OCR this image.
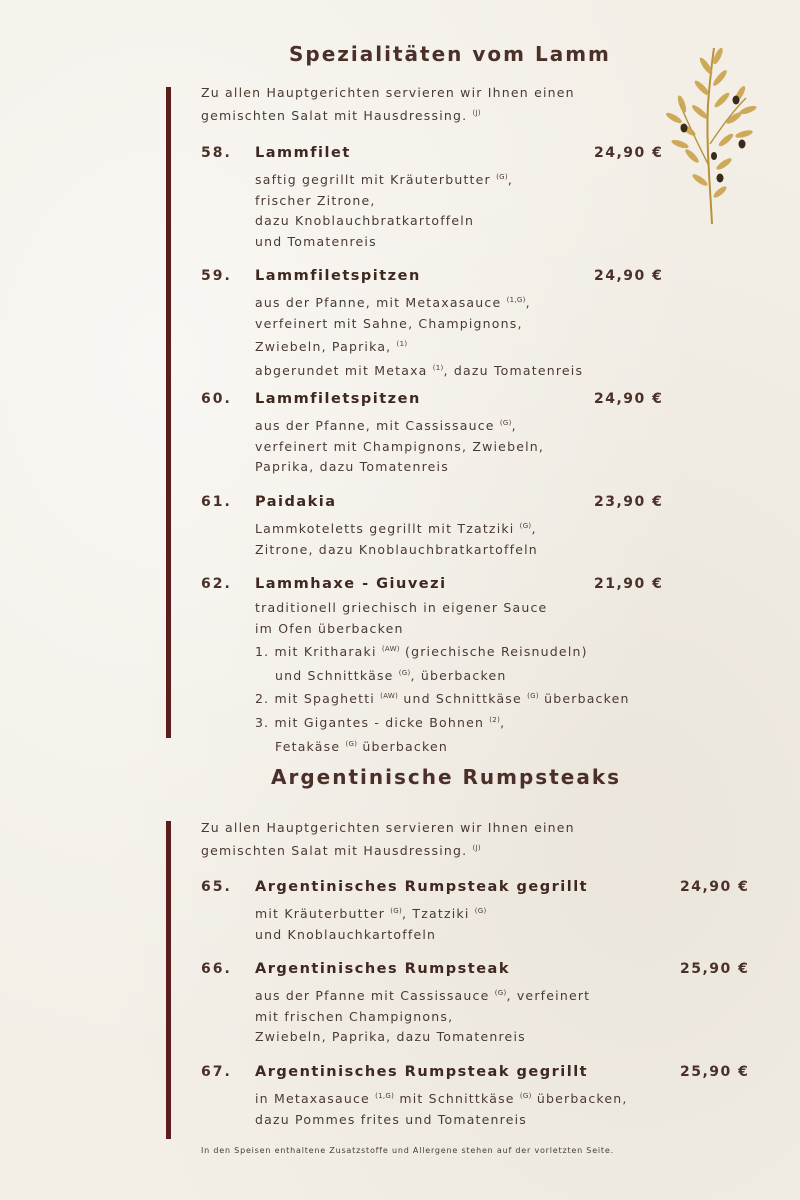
Spezialitäten vom Lamm
Zu allen Hauptgerichten servieren wir Ihnen einen
gemischten Salat mit Hausdressing. $^{(J)}$
58.	Lammfilet	24,90 €
saftig gegrillt mit Kräuterbutter $^{(G)}$,
frischer Zitrone,
dazu Knoblauchbratkartoffeln
und Tomatenreis
59.	Lammfiletspitzen	24,90 €
aus der Pfanne, mit Metaxasauce $^{(1,G)}$,
verfeinert mit Sahne, Champignons,
Zwiebeln, Paprika, $^{(1)}$
abgerundet mit Metaxa $^{(1)}$, dazu Tomatenreis
60.	Lammfiletspitzen	24,90 €
aus der Pfanne, mit Cassissauce $^{(G)}$,
verfeinert mit Champignons, Zwiebeln,
Paprika, dazu Tomatenreis
61.	Paidakia	23,90 €
Lammkoteletts gegrillt mit Tzatziki $^{(G)}$,
Zitrone, dazu Knoblauchbratkartoffeln
62.	Lammhaxe - Giuvezi	21,90 €
traditionell griechisch in eigener Sauce
im Ofen überbacken
1. mit Kritharaki $^{(AW)}$ (griechische Reisnudeln)
und Schnittkäse $^{(G)}$, überbacken
2. mit Spaghetti $^{(AW)}$ und Schnittkäse $^{(G)}$ überbacken
3. mit Gigantes - dicke Bohnen $^{(2)}$,
Fetakäse $^{(G)}$ überbacken
Argentinische Rumpsteaks
Zu allen Hauptgerichten servieren wir Ihnen einen
gemischten Salat mit Hausdressing. $^{(J)}$
65.	Argentinisches Rumpsteak gegrillt	24,90 €
mit Kräuterbutter $^{(G)}$, Tzatziki $^{(G)}$
und Knoblauchkartoffeln
66.	Argentinisches Rumpsteak	25,90 €
aus der Pfanne mit Cassissauce $^{(G)}$, verfeinert
mit frischen Champignons,
Zwiebeln, Paprika, dazu Tomatenreis
67.	Argentinisches Rumpsteak gegrillt	25,90 €
in Metaxasauce $^{(1,G)}$ mit Schnittkäse $^{(G)}$ überbacken,
dazu Pommes frites und Tomatenreis
In den Speisen enthaltene Zusatzstoffe und Allergene stehen auf der vorletzten Seite.
